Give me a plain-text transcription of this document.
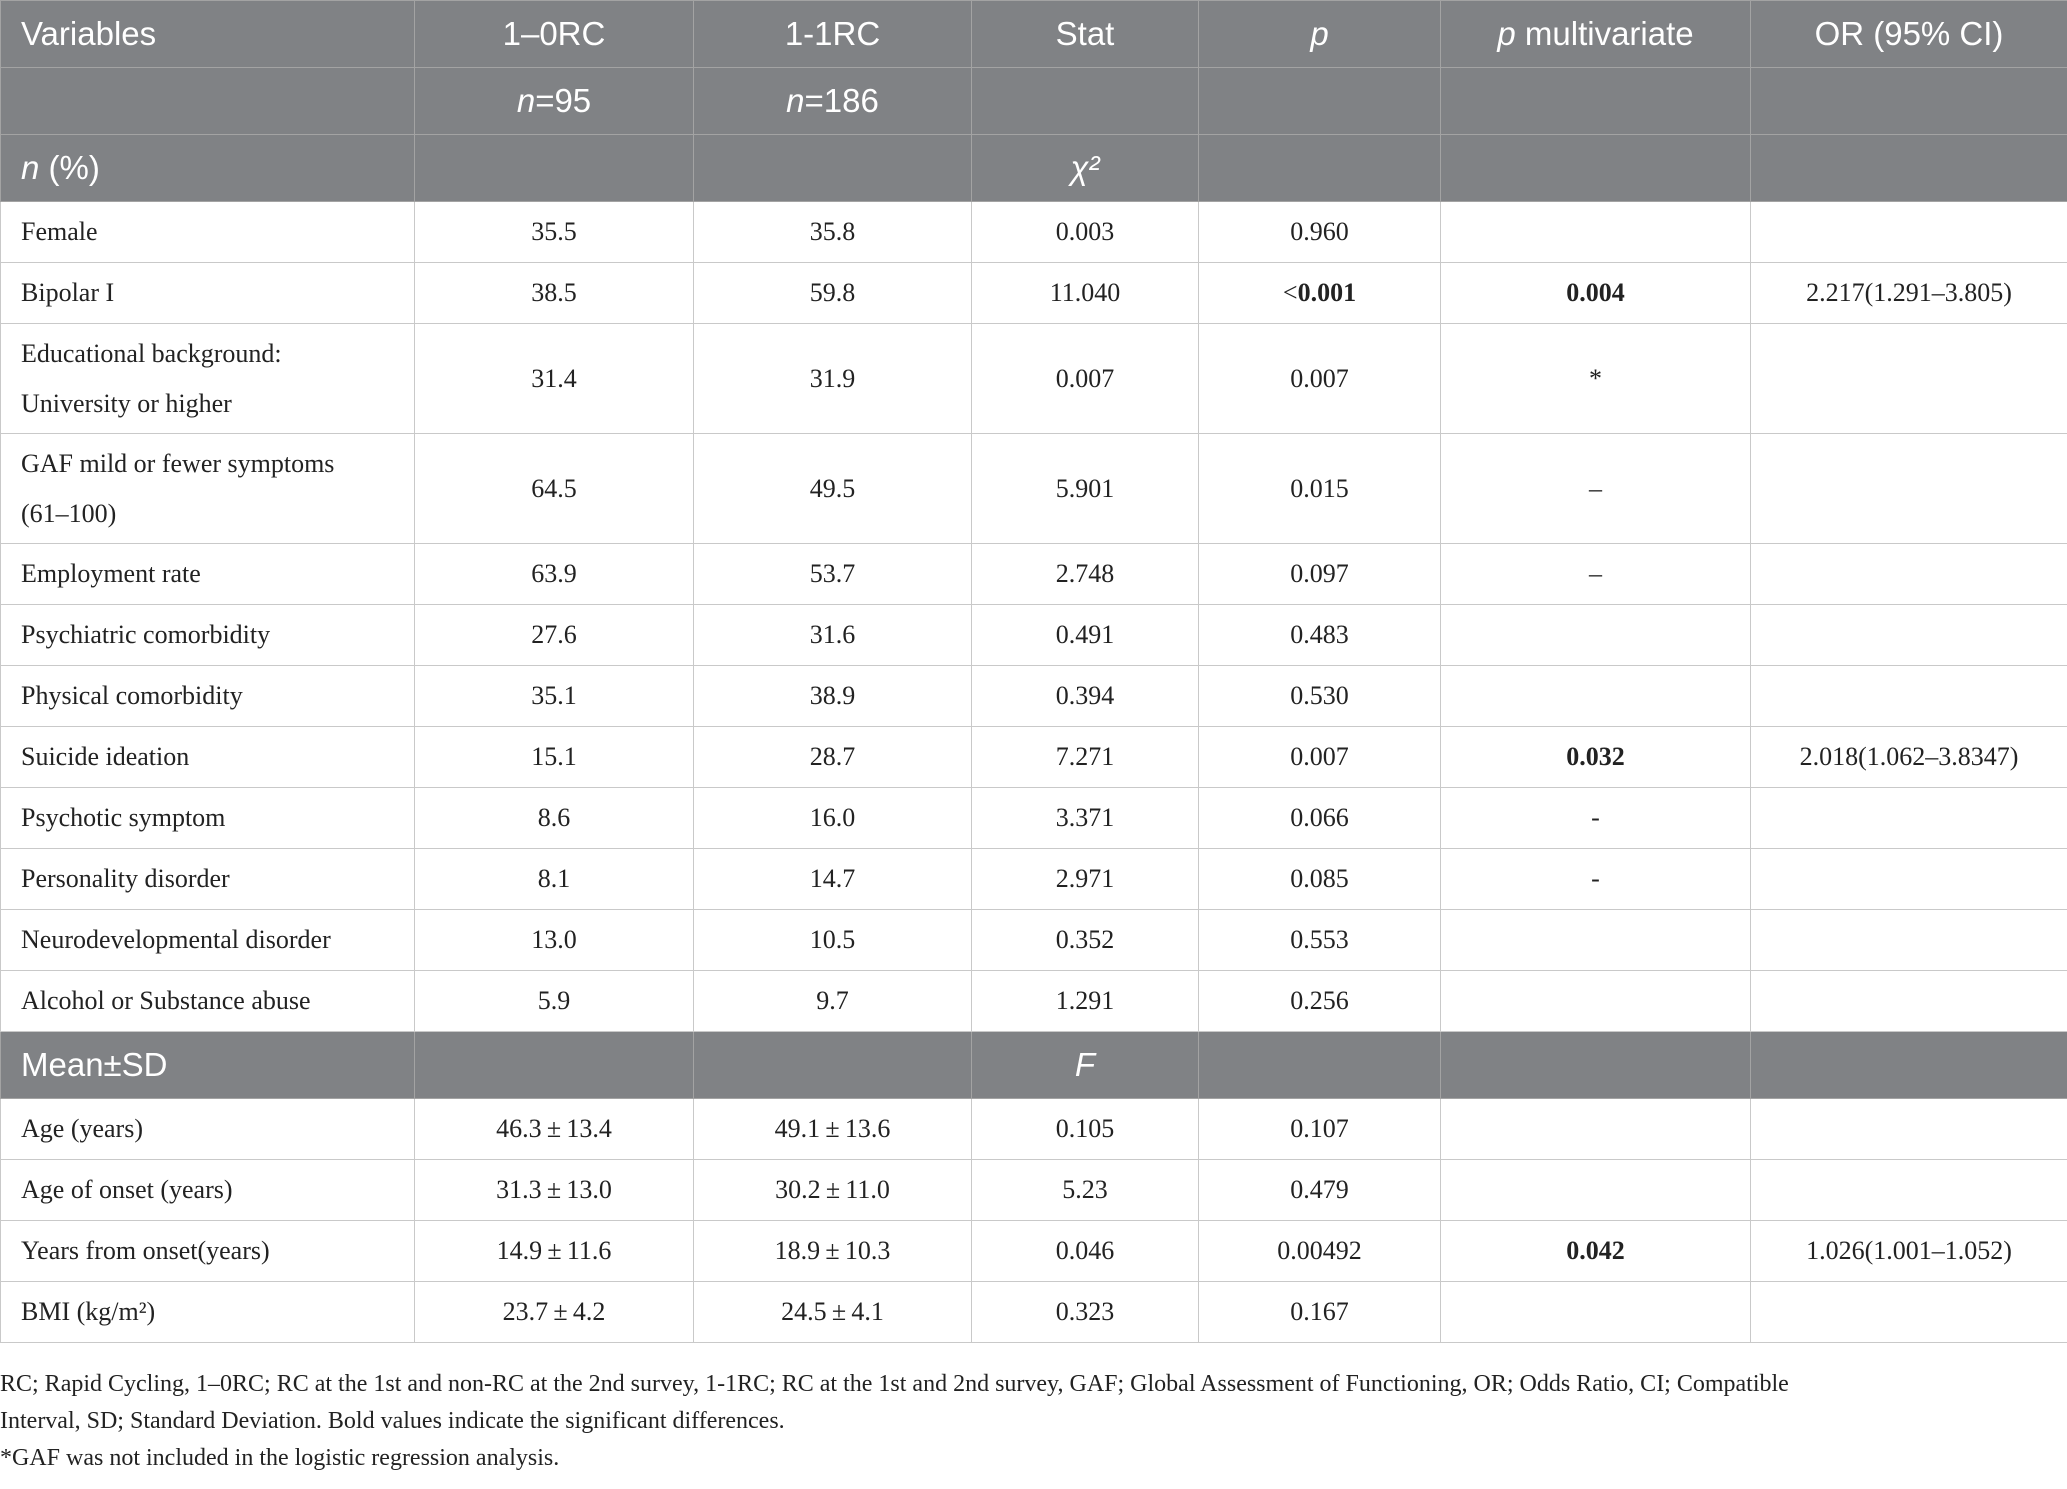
Variables	1–0RC	1-1RC	Stat	p	p multivariate	OR (95% CI)
	n=95	n=186				
n (%)			χ²			

Female	35.5	35.8	0.003	0.960		

Bipolar I	38.5	59.8	11.040	<0.001	0.004	2.217(1.291–3.805)

Educational background:
University or higher	31.4	31.9	0.007	0.007	*	

GAF mild or fewer symptoms
(61–100)	64.5	49.5	5.901	0.015	–	

Employment rate	63.9	53.7	2.748	0.097	–	

Psychiatric comorbidity	27.6	31.6	0.491	0.483		

Physical comorbidity	35.1	38.9	0.394	0.530		

Suicide ideation	15.1	28.7	7.271	0.007	0.032	2.018(1.062–3.8347)

Psychotic symptom	8.6	16.0	3.371	0.066	-	

Personality disorder	8.1	14.7	2.971	0.085	-	

Neurodevelopmental disorder	13.0	10.5	0.352	0.553		

Alcohol or Substance abuse	5.9	9.7	1.291	0.256		
Mean±SD			F			

Age (years)	46.3 ± 13.4	49.1 ± 13.6	0.105	0.107		

Age of onset (years)	31.3 ± 13.0	30.2 ± 11.0	5.23	0.479		

Years from onset(years)	14.9 ± 11.6	18.9 ± 10.3	0.046	0.00492	0.042	1.026(1.001–1.052)

BMI (kg/m²)	23.7 ± 4.2	24.5 ± 4.1	0.323	0.167		
RC; Rapid Cycling, 1–0RC; RC at the 1st and non-RC at the 2nd survey, 1-1RC; RC at the 1st and 2nd survey, GAF; Global Assessment of Functioning, OR; Odds Ratio, CI; Compatible
Interval, SD; Standard Deviation. Bold values indicate the significant differences.
*GAF was not included in the logistic regression analysis.
